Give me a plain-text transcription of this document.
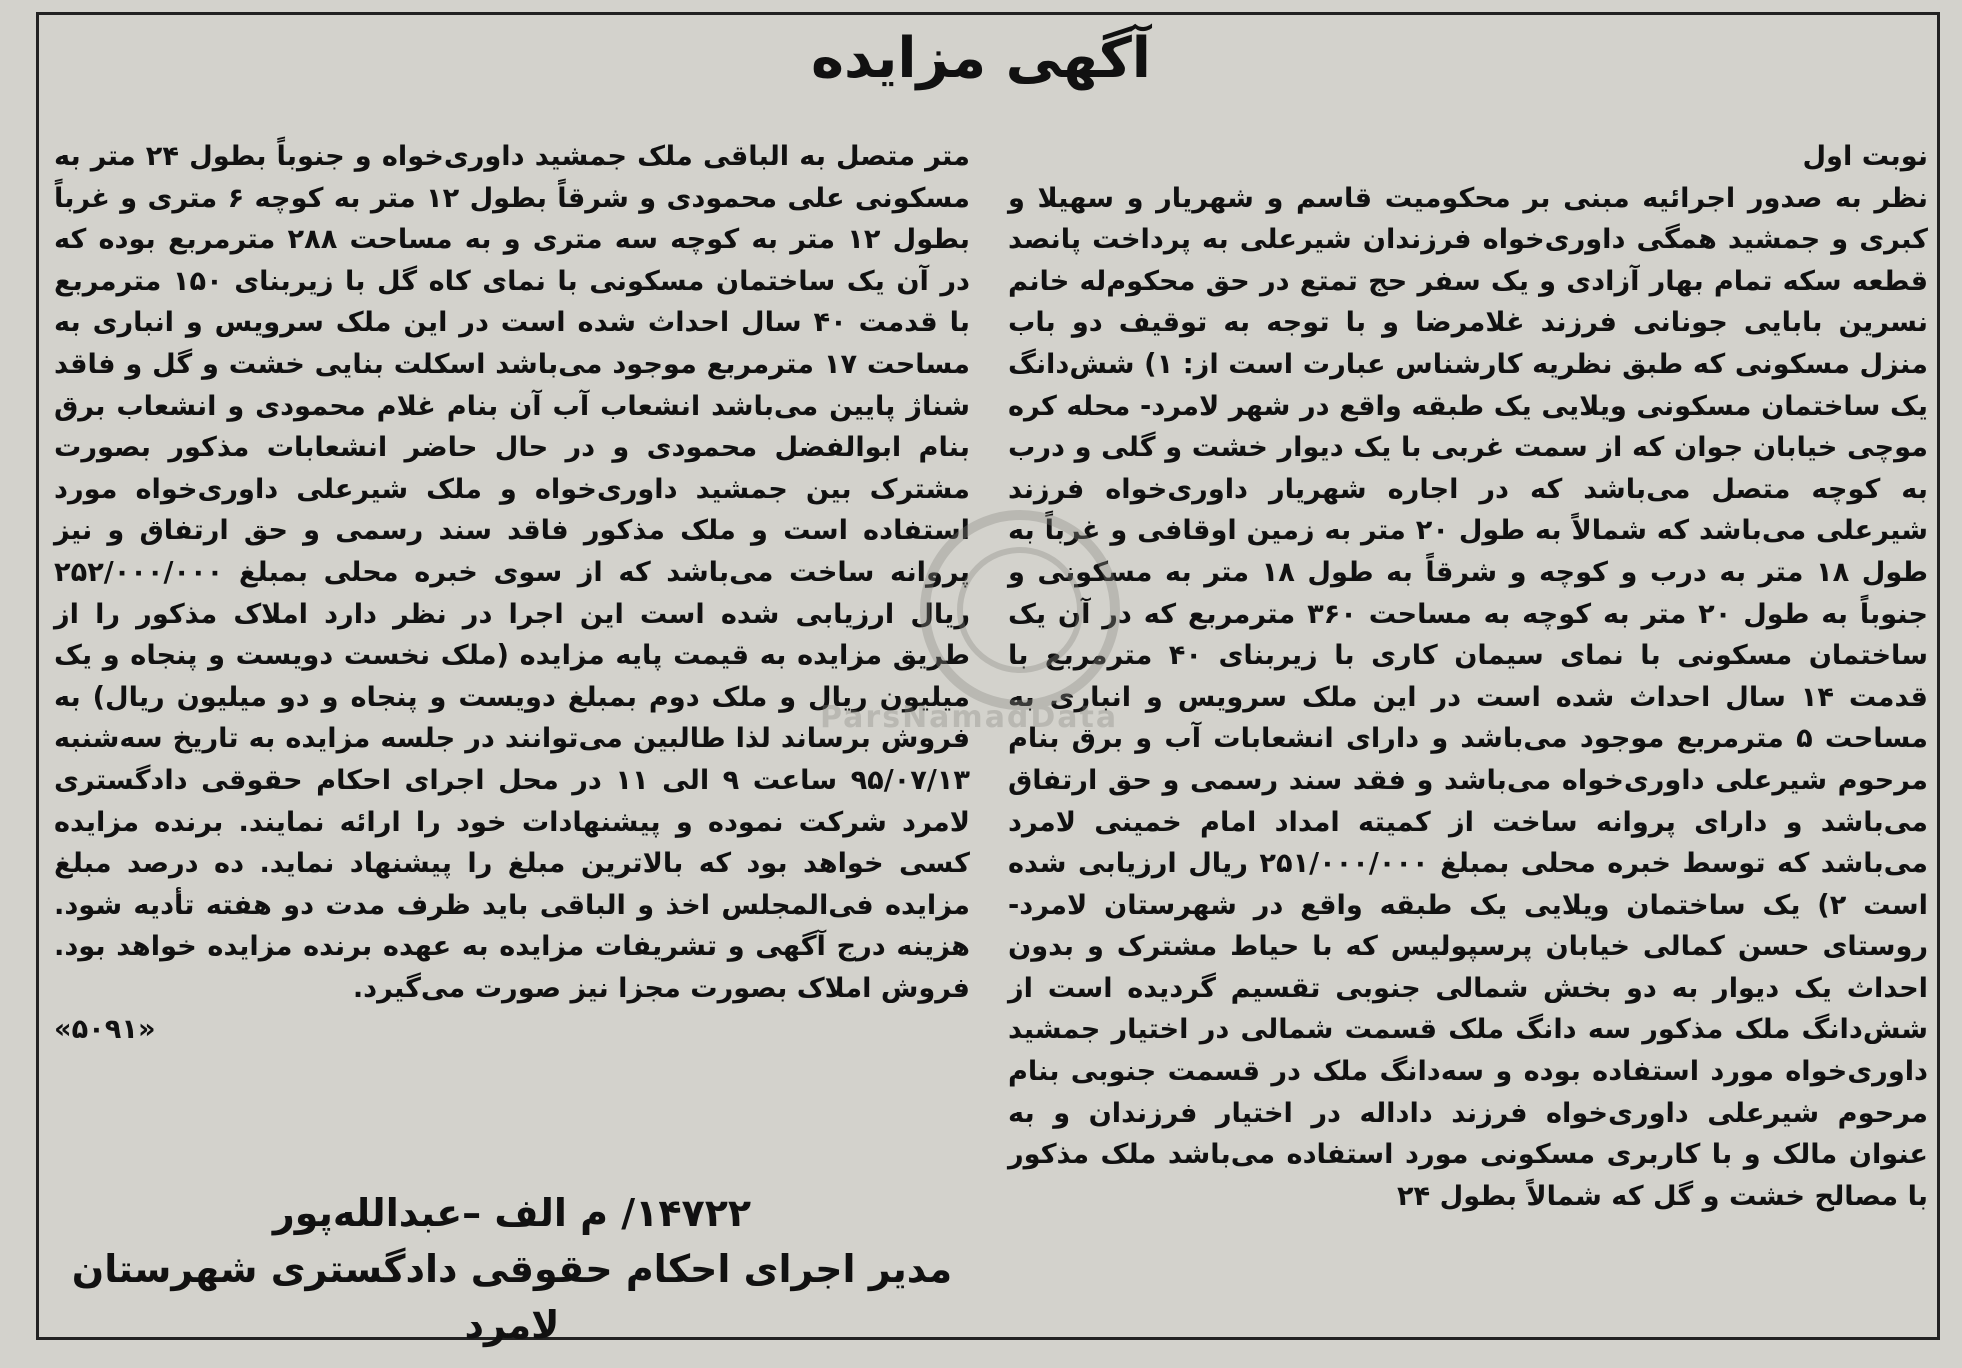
آگهی مزایده
نوبت اول

نظر به صدور اجرائیه مبنی بر محکومیت قاسم و شهریار و سهیلا و کبری و جمشید همگی داوری‌خواه فرزندان شیرعلی به پرداخت پانصد قطعه سکه تمام بهار آزادی و یک سفر حج تمتع در حق محکوم‌له خانم نسرین بابایی جونانی فرزند غلامرضا و با توجه به توقیف دو باب منزل مسکونی که طبق نظریه کارشناس عبارت است از: ۱) شش‌دانگ یک ساختمان مسکونی ویلایی یک طبقه واقع در شهر لامرد- محله کره موچی خیابان جوان که از سمت غربی با یک دیوار خشت و گلی و درب به کوچه متصل می‌باشد که در اجاره شهریار داوری‌خواه فرزند شیرعلی می‌باشد که شمالاً به طول ۲۰ متر به زمین اوقافی و غرباً به طول ۱۸ متر به درب و کوچه و شرقاً به طول ۱۸ متر به مسکونی و جنوباً به طول ۲۰ متر به کوچه به مساحت ۳۶۰ مترمربع که در آن یک ساختمان مسکونی با نمای سیمان کاری با زیربنای ۴۰ مترمربع با قدمت ۱۴ سال احداث شده است در این ملک سرویس و انباری به مساحت ۵ مترمربع موجود می‌باشد و دارای انشعابات آب و برق بنام مرحوم شیرعلی داوری‌خواه می‌باشد و فقد سند رسمی و حق ارتفاق می‌باشد و دارای پروانه ساخت از کمیته امداد امام خمینی لامرد می‌باشد که توسط خبره محلی بمبلغ ۲۵۱/۰۰۰/۰۰۰ ریال ارزیابی شده است ۲) یک ساختمان ویلایی یک طبقه واقع در شهرستان لامرد- روستای حسن کمالی خیابان پرسپولیس که با حیاط مشترک و بدون احداث یک دیوار به دو بخش شمالی جنوبی تقسیم گردیده است از شش‌دانگ ملک مذکور سه دانگ ملک قسمت شمالی در اختیار جمشید داوری‌خواه مورد استفاده بوده و سه‌دانگ ملک در قسمت جنوبی بنام مرحوم شیرعلی داوری‌خواه فرزند داداله در اختیار فرزندان و به عنوان مالک و با کاربری مسکونی مورد استفاده می‌باشد ملک مذکور با مصالح خشت و گل که شمالاً بطول ۲۴

متر متصل به الباقی ملک جمشید داوری‌خواه و جنوباً بطول ۲۴ متر به مسکونی علی محمودی و شرقاً بطول ۱۲ متر به کوچه ۶ متری و غرباً بطول ۱۲ متر به کوچه سه متری و به مساحت ۲۸۸ مترمربع بوده که در آن یک ساختمان مسکونی با نمای کاه گل با زیربنای ۱۵۰ مترمربع با قدمت ۴۰ سال احداث شده است در این ملک سرویس و انباری به مساحت ۱۷ مترمربع موجود می‌باشد اسکلت بنایی خشت و گل و فاقد شناژ پایین می‌باشد انشعاب آب آن بنام غلام محمودی و انشعاب برق بنام ابوالفضل محمودی و در حال حاضر انشعابات مذکور بصورت مشترک بین جمشید داوری‌خواه و ملک شیرعلی داوری‌خواه مورد استفاده است و ملک مذکور فاقد سند رسمی و حق ارتفاق و نیز پروانه ساخت می‌باشد که از سوی خبره محلی بمبلغ ۲۵۲/۰۰۰/۰۰۰ ریال ارزیابی شده است این اجرا در نظر دارد املاک مذکور را از طریق مزایده به قیمت پایه مزایده (ملک نخست دویست و پنجاه و یک میلیون ریال و ملک دوم بمبلغ دویست و پنجاه و دو میلیون ریال) به فروش برساند لذا طالبین می‌توانند در جلسه مزایده به تاریخ سه‌شنبه ۹۵/۰۷/۱۳ ساعت ۹ الی ۱۱ در محل اجرای احکام حقوقی دادگستری لامرد شرکت نموده و پیشنهادات خود را ارائه نمایند. برنده مزایده کسی خواهد بود که بالاترین مبلغ را پیشنهاد نماید. ده درصد مبلغ مزایده فی‌المجلس اخذ و الباقی باید ظرف مدت دو هفته تأدیه شود. هزینه درج آگهی و تشریفات مزایده به عهده برنده مزایده خواهد بود. فروش املاک بصورت مجزا نیز صورت می‌گیرد.

«۵۰۹۱»
۱۴۷۲۲/ م الف –عبدالله‌پور
مدیر اجرای احکام حقوقی دادگستری شهرستان لامرد
ParsNamadData
